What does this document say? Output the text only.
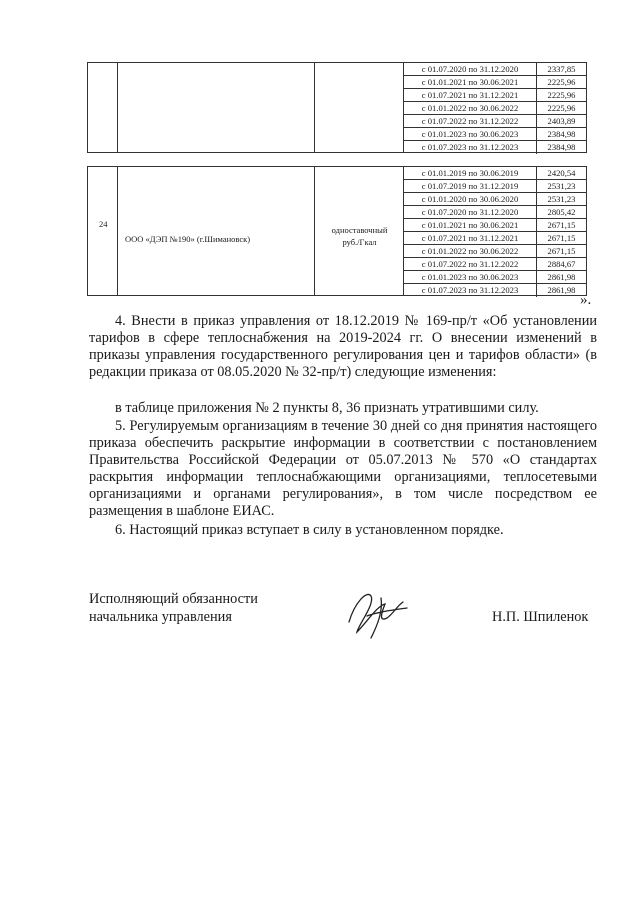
с 01.07.2020 по 31.12.2020	2337,85
с 01.01.2021 по 30.06.2021	2225,96
с 01.07.2021 по 31.12.2021	2225,96
с 01.01.2022 по 30.06.2022	2225,96
с 01.07.2022 по 31.12.2022	2403,89
с 01.01.2023 по 30.06.2023	2384,98
с 01.07.2023 по 31.12.2023	2384,98
24
ООО «ДЭП №190» (г.Шимановск)
одноставочный
руб./Гкал
с 01.01.2019 по 30.06.2019	2420,54
с 01.07.2019 по 31.12.2019	2531,23
с 01.01.2020 по 30.06.2020	2531,23
с 01.07.2020 по 31.12.2020	2805,42
с 01.01.2021 по 30.06.2021	2671,15
с 01.07.2021 по 31.12.2021	2671,15
с 01.01.2022 по 30.06.2022	2671,15
с 01.07.2022 по 31.12.2022	2884,67
с 01.01.2023 по 30.06.2023	2861,98
с 01.07.2023 по 31.12.2023	2861,98
».
4. Внести в приказ управления от 18.12.2019 № 169-пр/т «Об установлении тарифов в сфере теплоснабжения на 2019-2024 гг. О внесении изменений в приказы управления государственного регулирования цен и тарифов области» (в редакции приказа от 08.05.2020 № 32-пр/т) следующие изменения:
в таблице приложения № 2 пункты 8, 36 признать утратившими силу.
5. Регулируемым организациям в течение 30 дней со дня принятия настоящего приказа обеспечить раскрытие информации в соответствии с постановлением Правительства Российской Федерации от 05.07.2013 № 570 «О стандартах раскрытия информации теплоснабжающими организациями, теплосетевыми организациями и органами регулирования», в том числе посредством ее размещения в шаблоне ЕИАС.
6. Настоящий приказ вступает в силу в установленном порядке.
Исполняющий обязанности
начальника управления	Н.П. Шпиленок
